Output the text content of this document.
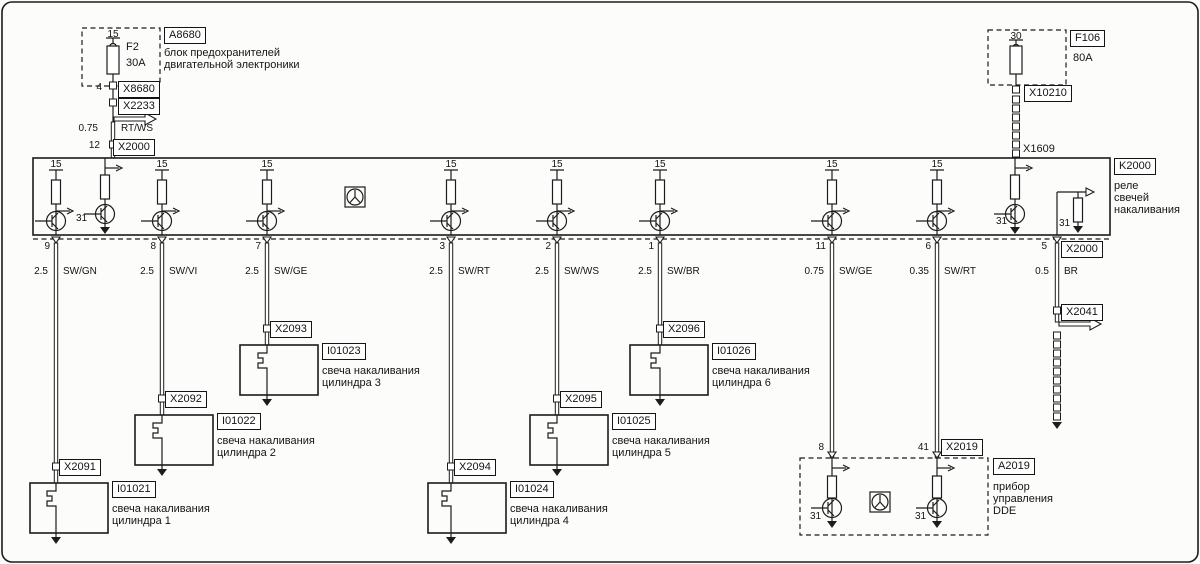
15
F2
30A
A8680
блок предохранителей
двигательной электроники
4	X8680
X2233
0.75 RT/WS
12	X2000
30	F106
80A
X10210
X1609
K2000
реле
свечей
накаливания
15	15	15	15	15	15	15	15
31	31	31
9	8	7	3	2	1	11	6	5
2.5 SW/GN	2.5 SW/VI	2.5 SW/GE	2.5 SW/RT	2.5 SW/WS	2.5 SW/BR	0.75 SW/GE	0.35 SW/RT	0.5 BR
X2000
X2041
X2091
I01021
свеча накаливания
цилиндра 1
X2092
I01022
свеча накаливания
цилиндра 2
X2093
I01023
свеча накаливания
цилиндра 3
X2094
I01024
свеча накаливания
цилиндра 4
X2095
I01025
свеча накаливания
цилиндра 5
X2096
I01026
свеча накаливания
цилиндра 6
8	41	X2019
A2019
прибор
управления
DDE
31	31
